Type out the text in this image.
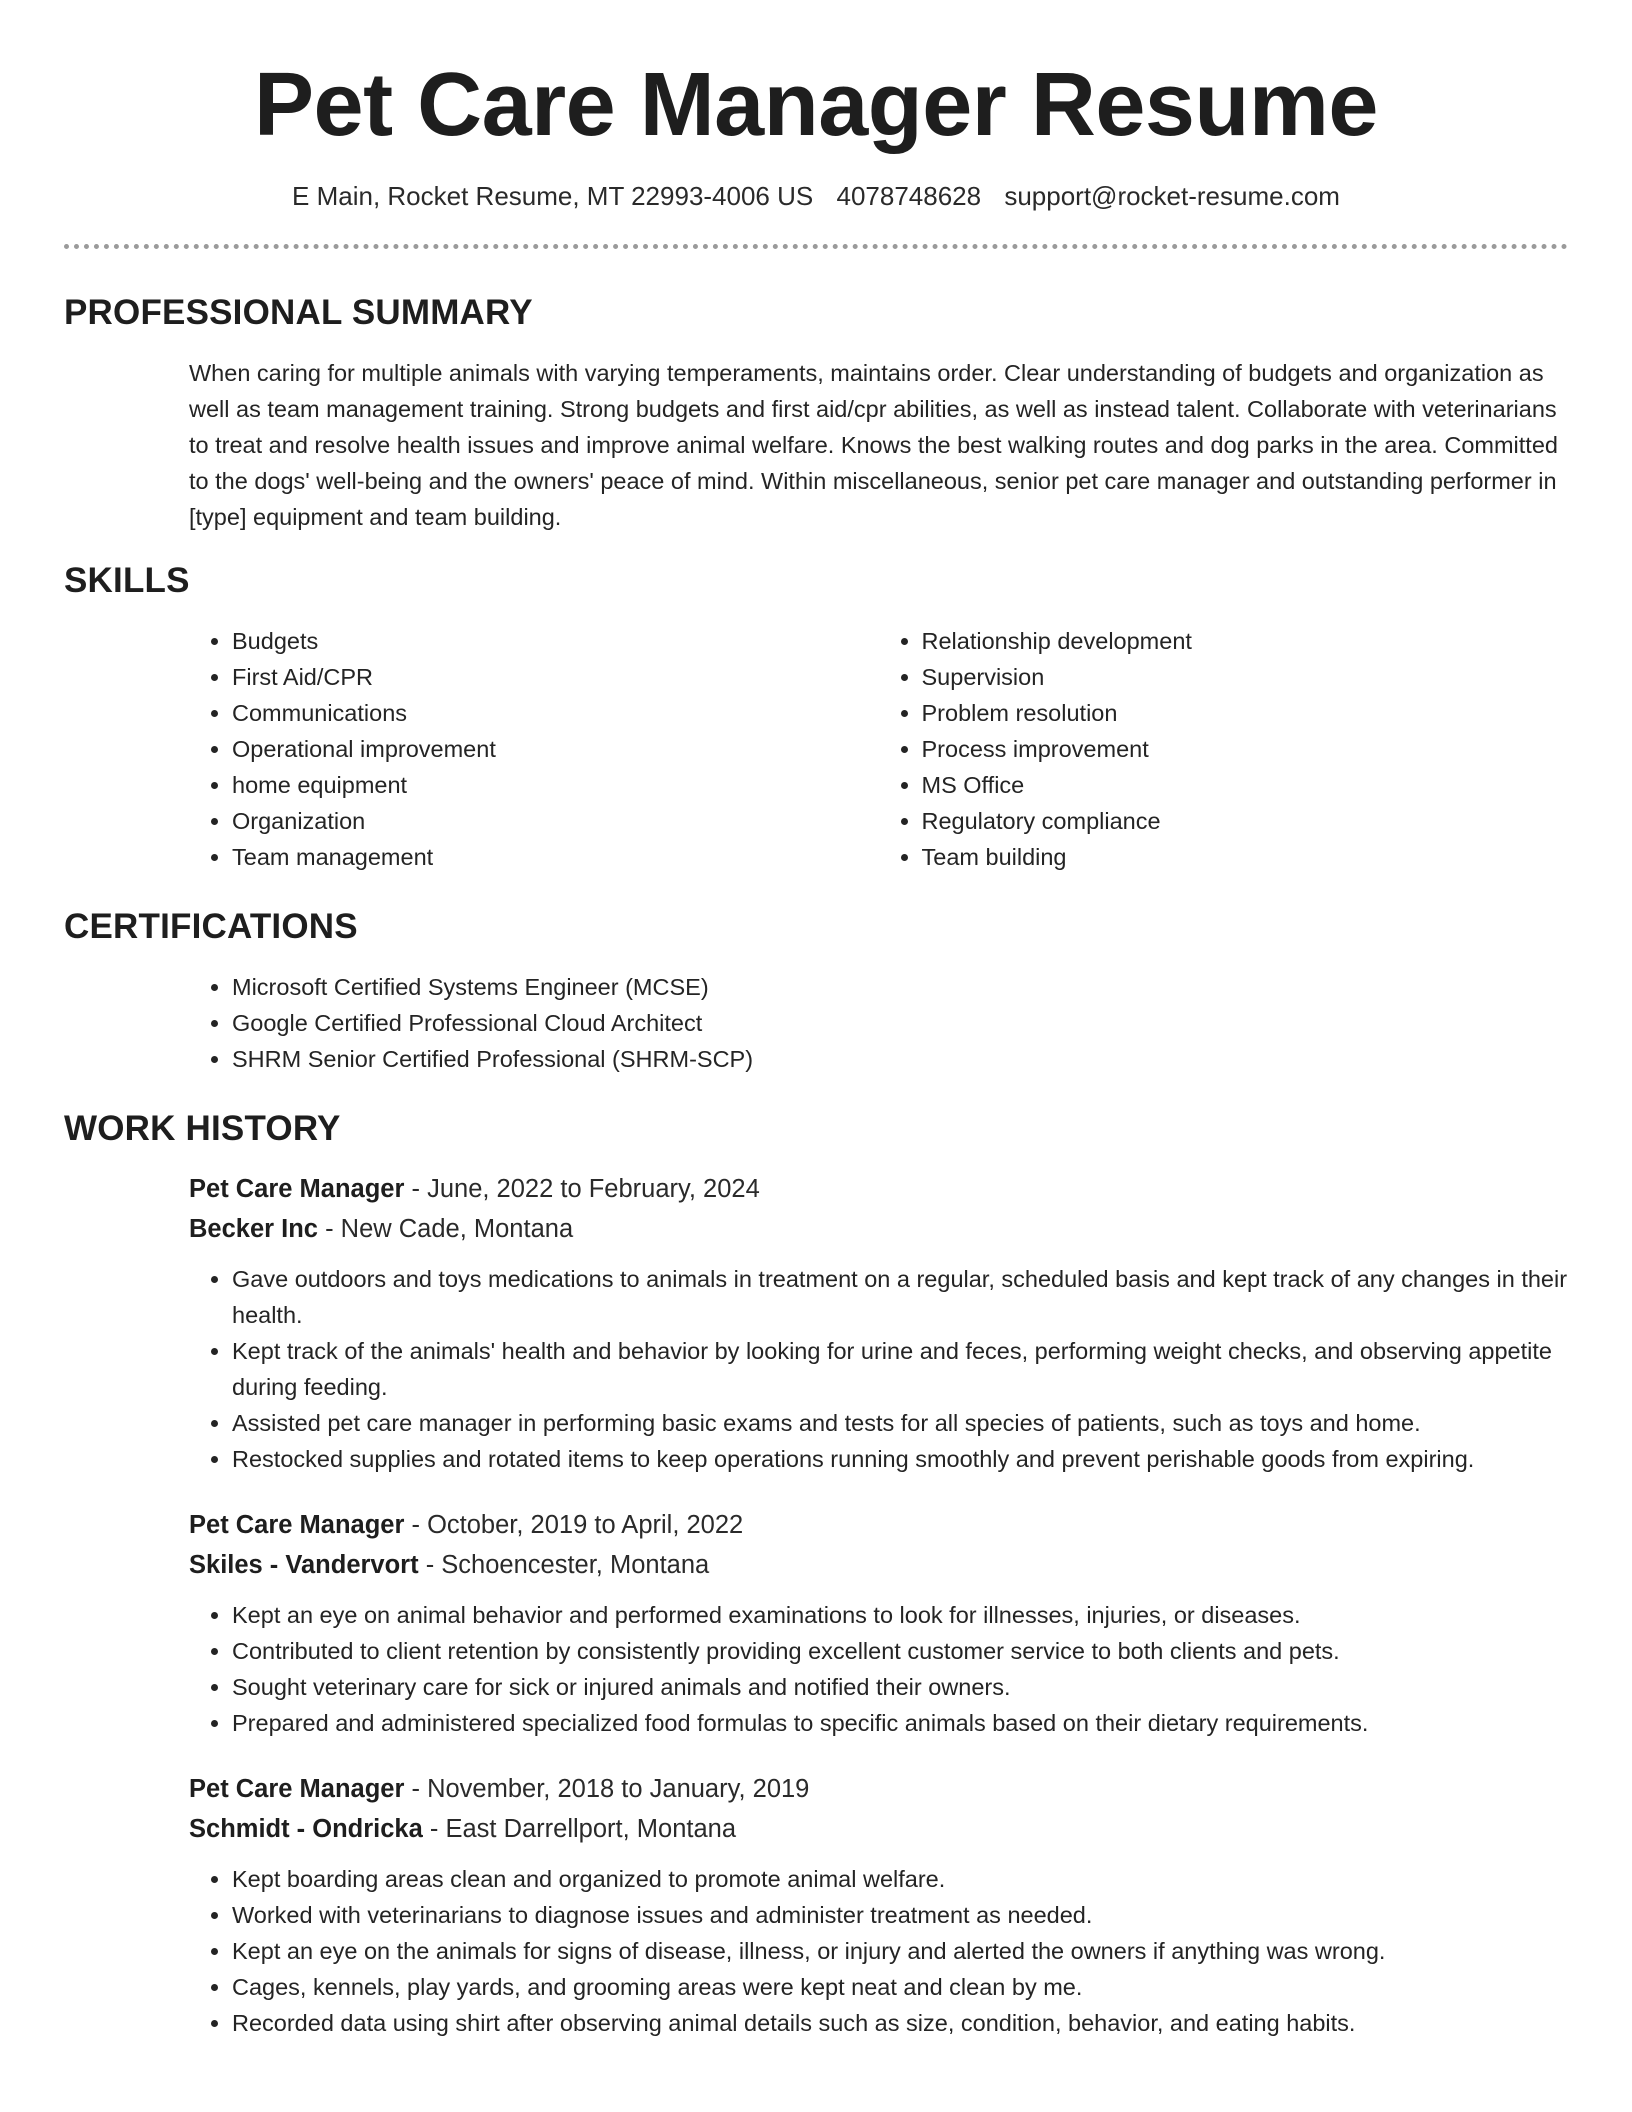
Pet Care Manager Resume
E Main, Rocket Resume, MT 22993-4006 US 4078748628 support@rocket-resume.com
PROFESSIONAL SUMMARY

When caring for multiple animals with varying temperaments, maintains order. Clear understanding of budgets and organization as well as team management training. Strong budgets and first aid/cpr abilities, as well as instead talent. Collaborate with veterinarians to treat and resolve health issues and improve animal welfare. Knows the best walking routes and dog parks in the area. Committed to the dogs' well-being and the owners' peace of mind. Within miscellaneous, senior pet care manager and outstanding performer in [type] equipment and team building.

SKILLS
• Budgets
• First Aid/CPR
• Communications
• Operational improvement
• home equipment
• Organization
• Team management
• Relationship development
• Supervision
• Problem resolution
• Process improvement
• MS Office
• Regulatory compliance
• Team building
CERTIFICATIONS
• Microsoft Certified Systems Engineer (MCSE)
• Google Certified Professional Cloud Architect
• SHRM Senior Certified Professional (SHRM-SCP)
WORK HISTORY
Pet Care Manager - June, 2022 to February, 2024
Becker Inc - New Cade, Montana
• Gave outdoors and toys medications to animals in treatment on a regular, scheduled basis and kept track of any changes in their health.
• Kept track of the animals' health and behavior by looking for urine and feces, performing weight checks, and observing appetite during feeding.
• Assisted pet care manager in performing basic exams and tests for all species of patients, such as toys and home.
• Restocked supplies and rotated items to keep operations running smoothly and prevent perishable goods from expiring.
Pet Care Manager - October, 2019 to April, 2022
Skiles - Vandervort - Schoencester, Montana
• Kept an eye on animal behavior and performed examinations to look for illnesses, injuries, or diseases.
• Contributed to client retention by consistently providing excellent customer service to both clients and pets.
• Sought veterinary care for sick or injured animals and notified their owners.
• Prepared and administered specialized food formulas to specific animals based on their dietary requirements.
Pet Care Manager - November, 2018 to January, 2019
Schmidt - Ondricka - East Darrellport, Montana
• Kept boarding areas clean and organized to promote animal welfare.
• Worked with veterinarians to diagnose issues and administer treatment as needed.
• Kept an eye on the animals for signs of disease, illness, or injury and alerted the owners if anything was wrong.
• Cages, kennels, play yards, and grooming areas were kept neat and clean by me.
• Recorded data using shirt after observing animal details such as size, condition, behavior, and eating habits.
